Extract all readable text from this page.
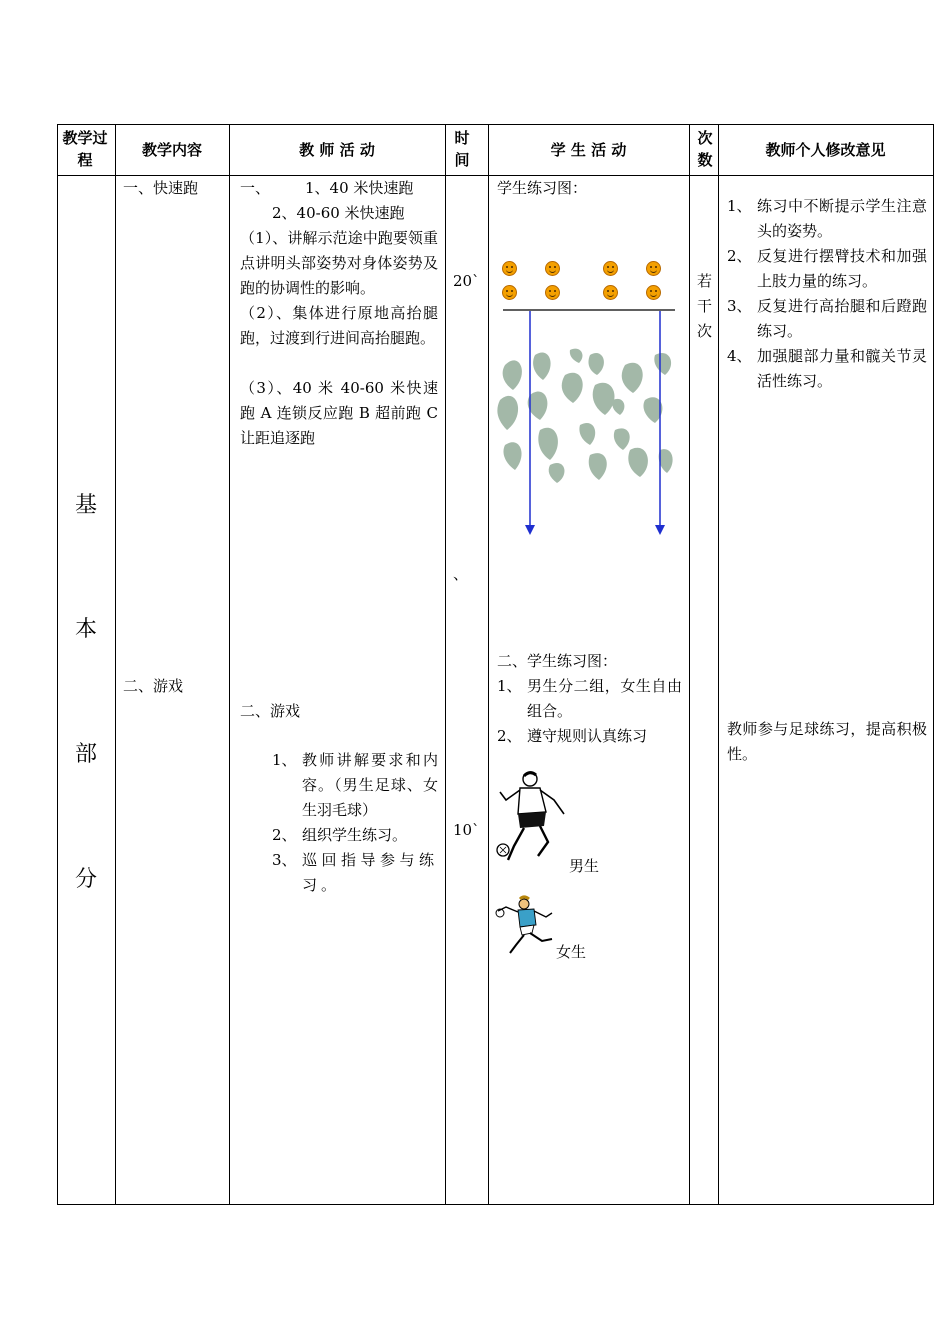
教学过程
教学内容	教 师 活 动
时间
学 生 活 动
次数
教师个人修改意见
基
本
部
分
一、快速跑
二、游戏
一、 1、40 米快速跑
2、40-60 米快速跑
（1）、讲解示范途中跑要领重点讲明头部姿势对身体姿势及跑的协调性的影响。
（2）、集体进行原地高抬腿跑，过渡到行进间高抬腿跑。
（3）、40 米 40-60 米快速跑 A 连锁反应跑 B 超前跑 C 让距追逐跑
二、游戏
1、 教师讲解要求和内容。（男生足球、女生羽毛球）
2、 组织学生练习。
3、 巡回指导参与练习。
20`
、
10`
学生练习图：
二、学生练习图：
1、 男生分二组，女生自由组合。
2、 遵守规则认真练习
男生
女生
若
干
次
1、 练习中不断提示学生注意头的姿势。
2、 反复进行摆臂技术和加强上肢力量的练习。
3、 反复进行高抬腿和后蹬跑练习。
4、 加强腿部力量和髋关节灵活性练习。
教师参与足球练习，提高积极性。
